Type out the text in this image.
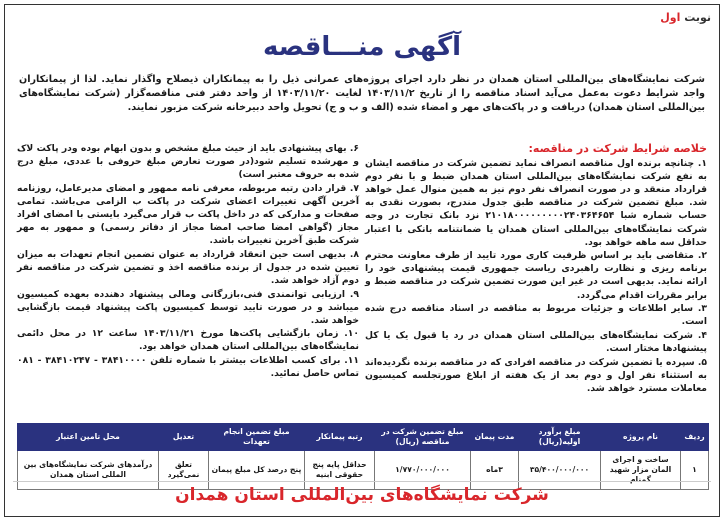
نوبت اول
آگهی منـــاقصه

شرکت نمایشگاه‌های بین‌المللی استان همدان در نظر دارد اجرای پروژه‌های عمرانی ذیل را به پیمانکاران ذیصلاح واگذار نماید. لذا از پیمانکاران واجد شرایط دعوت به‌عمل می‌آید اسناد مناقصه را از تاریخ ۱۴۰۳/۱۱/۲ لغایت ۱۴۰۳/۱۱/۲۰ از واحد دفتر فنی مناقصه‌گزار (شرکت نمایشگاه‌های بین‌المللی استان همدان) دریافت و در پاکت‌های مهر و امضاء شده (الف و ب و ج) تحویل واحد دبیرخانه شرکت مزبور نمایند.

خلاصه شرایط شرکت در مناقصه:

۱. چنانچه برنده اول مناقصه انصراف نماید تضمین شرکت در مناقصه ایشان به نفع شرکت نمایشگاه‌های بین‌المللی استان همدان ضبط و با نفر دوم قرارداد منعقد و در صورت انصراف نفر دوم نیز به همین منوال عمل خواهد شد. مبلغ تضمین شرکت در مناقصه طبق جدول مندرج، بصورت نقدی به حساب شماره شبا ۲۱۰۱۸۰۰۰۰۰۰۰۰۰۲۴۰۳۶۴۶۵۴ نزد بانک تجارت در وجه شرکت نمایشگاه‌های بین‌المللی استان همدان یا ضمانتنامه بانکی با اعتبار حداقل سه ماهه خواهد بود.

۲. متقاضی باید بر اساس ظرفیت کاری مورد تایید از طرف معاونت محترم برنامه ریزی و نظارت راهبردی ریاست جمهوری قیمت پیشنهادی خود را ارائه نماید. بدیهی است در غیر این صورت تضمین شرکت در مناقصه ضبط و برابر مقررات اقدام می‌گردد.

۳. سایر اطلاعات و جزئیات مربوط به مناقصه در اسناد مناقصه درج شده است.

۴. شرکت نمایشگاه‌های بین‌المللی استان همدان در رد یا قبول یک یا کل پیشنهادها مختار است.

۵. سپرده یا تضمین شرکت در مناقصه افرادی که در مناقصه برنده نگردیده‌اند به استثناء نفر اول و دوم بعد از یک هفته از ابلاغ صورتجلسه کمیسیون معاملات مسترد خواهد شد.

۶. بهای پیشنهادی باید از حیث مبلغ مشخص و بدون ابهام بوده ودر پاکت لاک و مهرشده تسلیم شود(در صورت تعارض مبلغ حروفی با عددی، مبلغ درج شده به حروف معتبر است)

۷. قرار دادن رتبه مربوطه، معرفی نامه ممهور و امضای مدیرعامل، روزنامه آخرین آگهی تغییرات اعضای شرکت در پاکت ب الزامی می‌باشد. تمامی صفحات و مدارکی که در داخل پاکت ب قرار می‌گیرد بایستی با امضای افراد مجاز (گواهی امضا صاحب امضا مجاز از دفاتر رسمی) و ممهور به مهر شرکت طبق آخرین تغییرات باشد.

۸. بدیهی است حین انعقاد قرارداد به عنوان تضمین انجام تعهدات به میزان تعیین شده در جدول از برنده مناقصه اخذ و تضمین شرکت در مناقصه نفر دوم آزاد خواهد شد.

۹. ارزیابی توانمندی فنی،بازرگانی ومالی پیشنهاد دهندده بعهده کمیسیون میباشد و در صورت تایید توسط کمیسیون پاکت پیشنهاد قیمت بازگشایی خواهد شد.

۱۰. زمان بازگشایی پاکت‌ها مورخ ۱۴۰۳/۱۱/۲۱ ساعت ۱۲ در محل دائمی نمایشگاه‌های بین‌المللی استان همدان خواهد بود.

۱۱. برای کسب اطلاعات بیشتر با شماره تلفن ۳۸۴۱۰۰۰۰ - ۳۸۴۱۰۲۴۷ - ۰۸۱ تماس حاصل نمائید.

ردیف	نام پروژه	مبلغ برآورد اولیه(ریال)	مدت پیمان	مبلغ تضمین شرکت در مناقصه (ریال)	رتبه پیمانکار	مبلغ تضمین انجام تعهدات	تعدیل	محل تامین اعتبار
۱	ساخت و اجرای المان مزار شهید گمنام	۳۵/۴۰۰/۰۰۰/۰۰۰	۳ماه	۱/۷۷۰/۰۰۰/۰۰۰	حداقل پایه پنج حقوقی ابنیه	پنج درصد کل مبلغ پیمان	تعلق نمی‌گیرد	درآمدهای شرکت نمایشگاه‌های بین المللی استان همدان
شرکت نمایشگاه‌های بین‌المللی استان همدان
